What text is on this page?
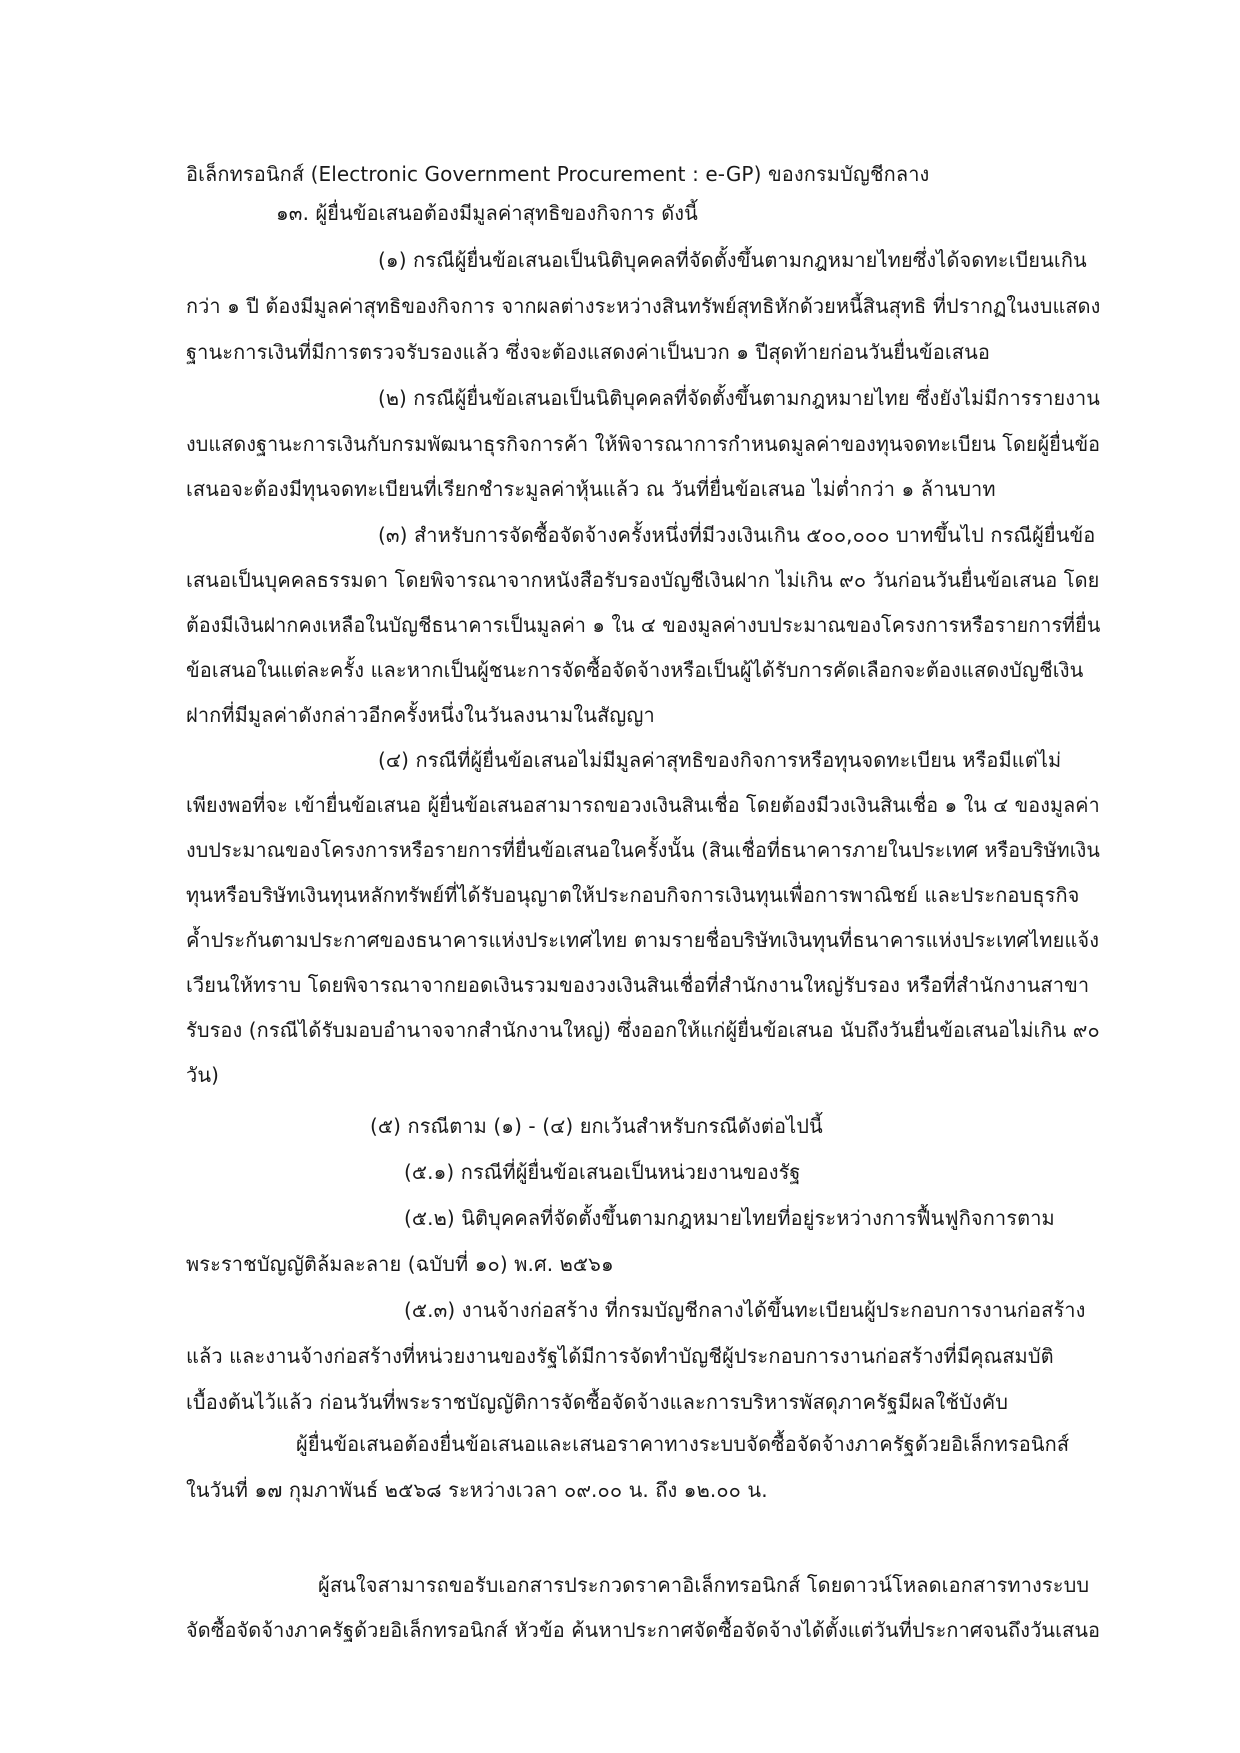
อิเล็กทรอนิกส์ (Electronic Government Procurement : e-GP) ของกรมบัญชีกลาง
๑๓. ผู้ยื่นข้อเสนอต้องมีมูลค่าสุทธิของกิจการ ดังนี้
(๑) กรณีผู้ยื่นข้อเสนอเป็นนิติบุคคลที่จัดตั้งขึ้นตามกฎหมายไทยซึ่งได้จดทะเบียนเกิน
กว่า ๑ ปี ต้องมีมูลค่าสุทธิของกิจการ จากผลต่างระหว่างสินทรัพย์สุทธิหักด้วยหนี้สินสุทธิ ที่ปรากฏในงบแสดง
ฐานะการเงินที่มีการตรวจรับรองแล้ว ซึ่งจะต้องแสดงค่าเป็นบวก ๑ ปีสุดท้ายก่อนวันยื่นข้อเสนอ
(๒) กรณีผู้ยื่นข้อเสนอเป็นนิติบุคคลที่จัดตั้งขึ้นตามกฎหมายไทย ซึ่งยังไม่มีการรายงาน
งบแสดงฐานะการเงินกับกรมพัฒนาธุรกิจการค้า ให้พิจารณาการกำหนดมูลค่าของทุนจดทะเบียน โดยผู้ยื่นข้อ
เสนอจะต้องมีทุนจดทะเบียนที่เรียกชำระมูลค่าหุ้นแล้ว ณ วันที่ยื่นข้อเสนอ ไม่ต่ำกว่า ๑ ล้านบาท
(๓) สำหรับการจัดซื้อจัดจ้างครั้งหนึ่งที่มีวงเงินเกิน ๕๐๐,๐๐๐ บาทขึ้นไป กรณีผู้ยื่นข้อ
เสนอเป็นบุคคลธรรมดา โดยพิจารณาจากหนังสือรับรองบัญชีเงินฝาก ไม่เกิน ๙๐ วันก่อนวันยื่นข้อเสนอ โดย
ต้องมีเงินฝากคงเหลือในบัญชีธนาคารเป็นมูลค่า ๑ ใน ๔ ของมูลค่างบประมาณของโครงการหรือรายการที่ยื่น
ข้อเสนอในแต่ละครั้ง และหากเป็นผู้ชนะการจัดซื้อจัดจ้างหรือเป็นผู้ได้รับการคัดเลือกจะต้องแสดงบัญชีเงิน
ฝากที่มีมูลค่าดังกล่าวอีกครั้งหนึ่งในวันลงนามในสัญญา
(๔) กรณีที่ผู้ยื่นข้อเสนอไม่มีมูลค่าสุทธิของกิจการหรือทุนจดทะเบียน หรือมีแต่ไม่
เพียงพอที่จะ เข้ายื่นข้อเสนอ ผู้ยื่นข้อเสนอสามารถขอวงเงินสินเชื่อ โดยต้องมีวงเงินสินเชื่อ ๑ ใน ๔ ของมูลค่า
งบประมาณของโครงการหรือรายการที่ยื่นข้อเสนอในครั้งนั้น (สินเชื่อที่ธนาคารภายในประเทศ หรือบริษัทเงิน
ทุนหรือบริษัทเงินทุนหลักทรัพย์ที่ได้รับอนุญาตให้ประกอบกิจการเงินทุนเพื่อการพาณิชย์ และประกอบธุรกิจ
ค้ำประกันตามประกาศของธนาคารแห่งประเทศไทย ตามรายชื่อบริษัทเงินทุนที่ธนาคารแห่งประเทศไทยแจ้ง
เวียนให้ทราบ โดยพิจารณาจากยอดเงินรวมของวงเงินสินเชื่อที่สำนักงานใหญ่รับรอง หรือที่สำนักงานสาขา
รับรอง (กรณีได้รับมอบอำนาจจากสำนักงานใหญ่) ซึ่งออกให้แก่ผู้ยื่นข้อเสนอ นับถึงวันยื่นข้อเสนอไม่เกิน ๙๐
วัน)
(๕) กรณีตาม (๑) - (๔) ยกเว้นสำหรับกรณีดังต่อไปนี้
(๕.๑) กรณีที่ผู้ยื่นข้อเสนอเป็นหน่วยงานของรัฐ
(๕.๒) นิติบุคคลที่จัดตั้งขึ้นตามกฎหมายไทยที่อยู่ระหว่างการฟื้นฟูกิจการตาม
พระราชบัญญัติล้มละลาย (ฉบับที่ ๑๐) พ.ศ. ๒๕๖๑
(๕.๓) งานจ้างก่อสร้าง ที่กรมบัญชีกลางได้ขึ้นทะเบียนผู้ประกอบการงานก่อสร้าง
แล้ว และงานจ้างก่อสร้างที่หน่วยงานของรัฐได้มีการจัดทำบัญชีผู้ประกอบการงานก่อสร้างที่มีคุณสมบัติ
เบื้องต้นไว้แล้ว ก่อนวันที่พระราชบัญญัติการจัดซื้อจัดจ้างและการบริหารพัสดุภาครัฐมีผลใช้บังคับ
ผู้ยื่นข้อเสนอต้องยื่นข้อเสนอและเสนอราคาทางระบบจัดซื้อจัดจ้างภาครัฐด้วยอิเล็กทรอนิกส์
ในวันที่ ๑๗ กุมภาพันธ์ ๒๕๖๘ ระหว่างเวลา ๐๙.๐๐ น. ถึง ๑๒.๐๐ น.
ผู้สนใจสามารถขอรับเอกสารประกวดราคาอิเล็กทรอนิกส์ โดยดาวน์โหลดเอกสารทางระบบ
จัดซื้อจัดจ้างภาครัฐด้วยอิเล็กทรอนิกส์ หัวข้อ ค้นหาประกาศจัดซื้อจัดจ้างได้ตั้งแต่วันที่ประกาศจนถึงวันเสนอ
